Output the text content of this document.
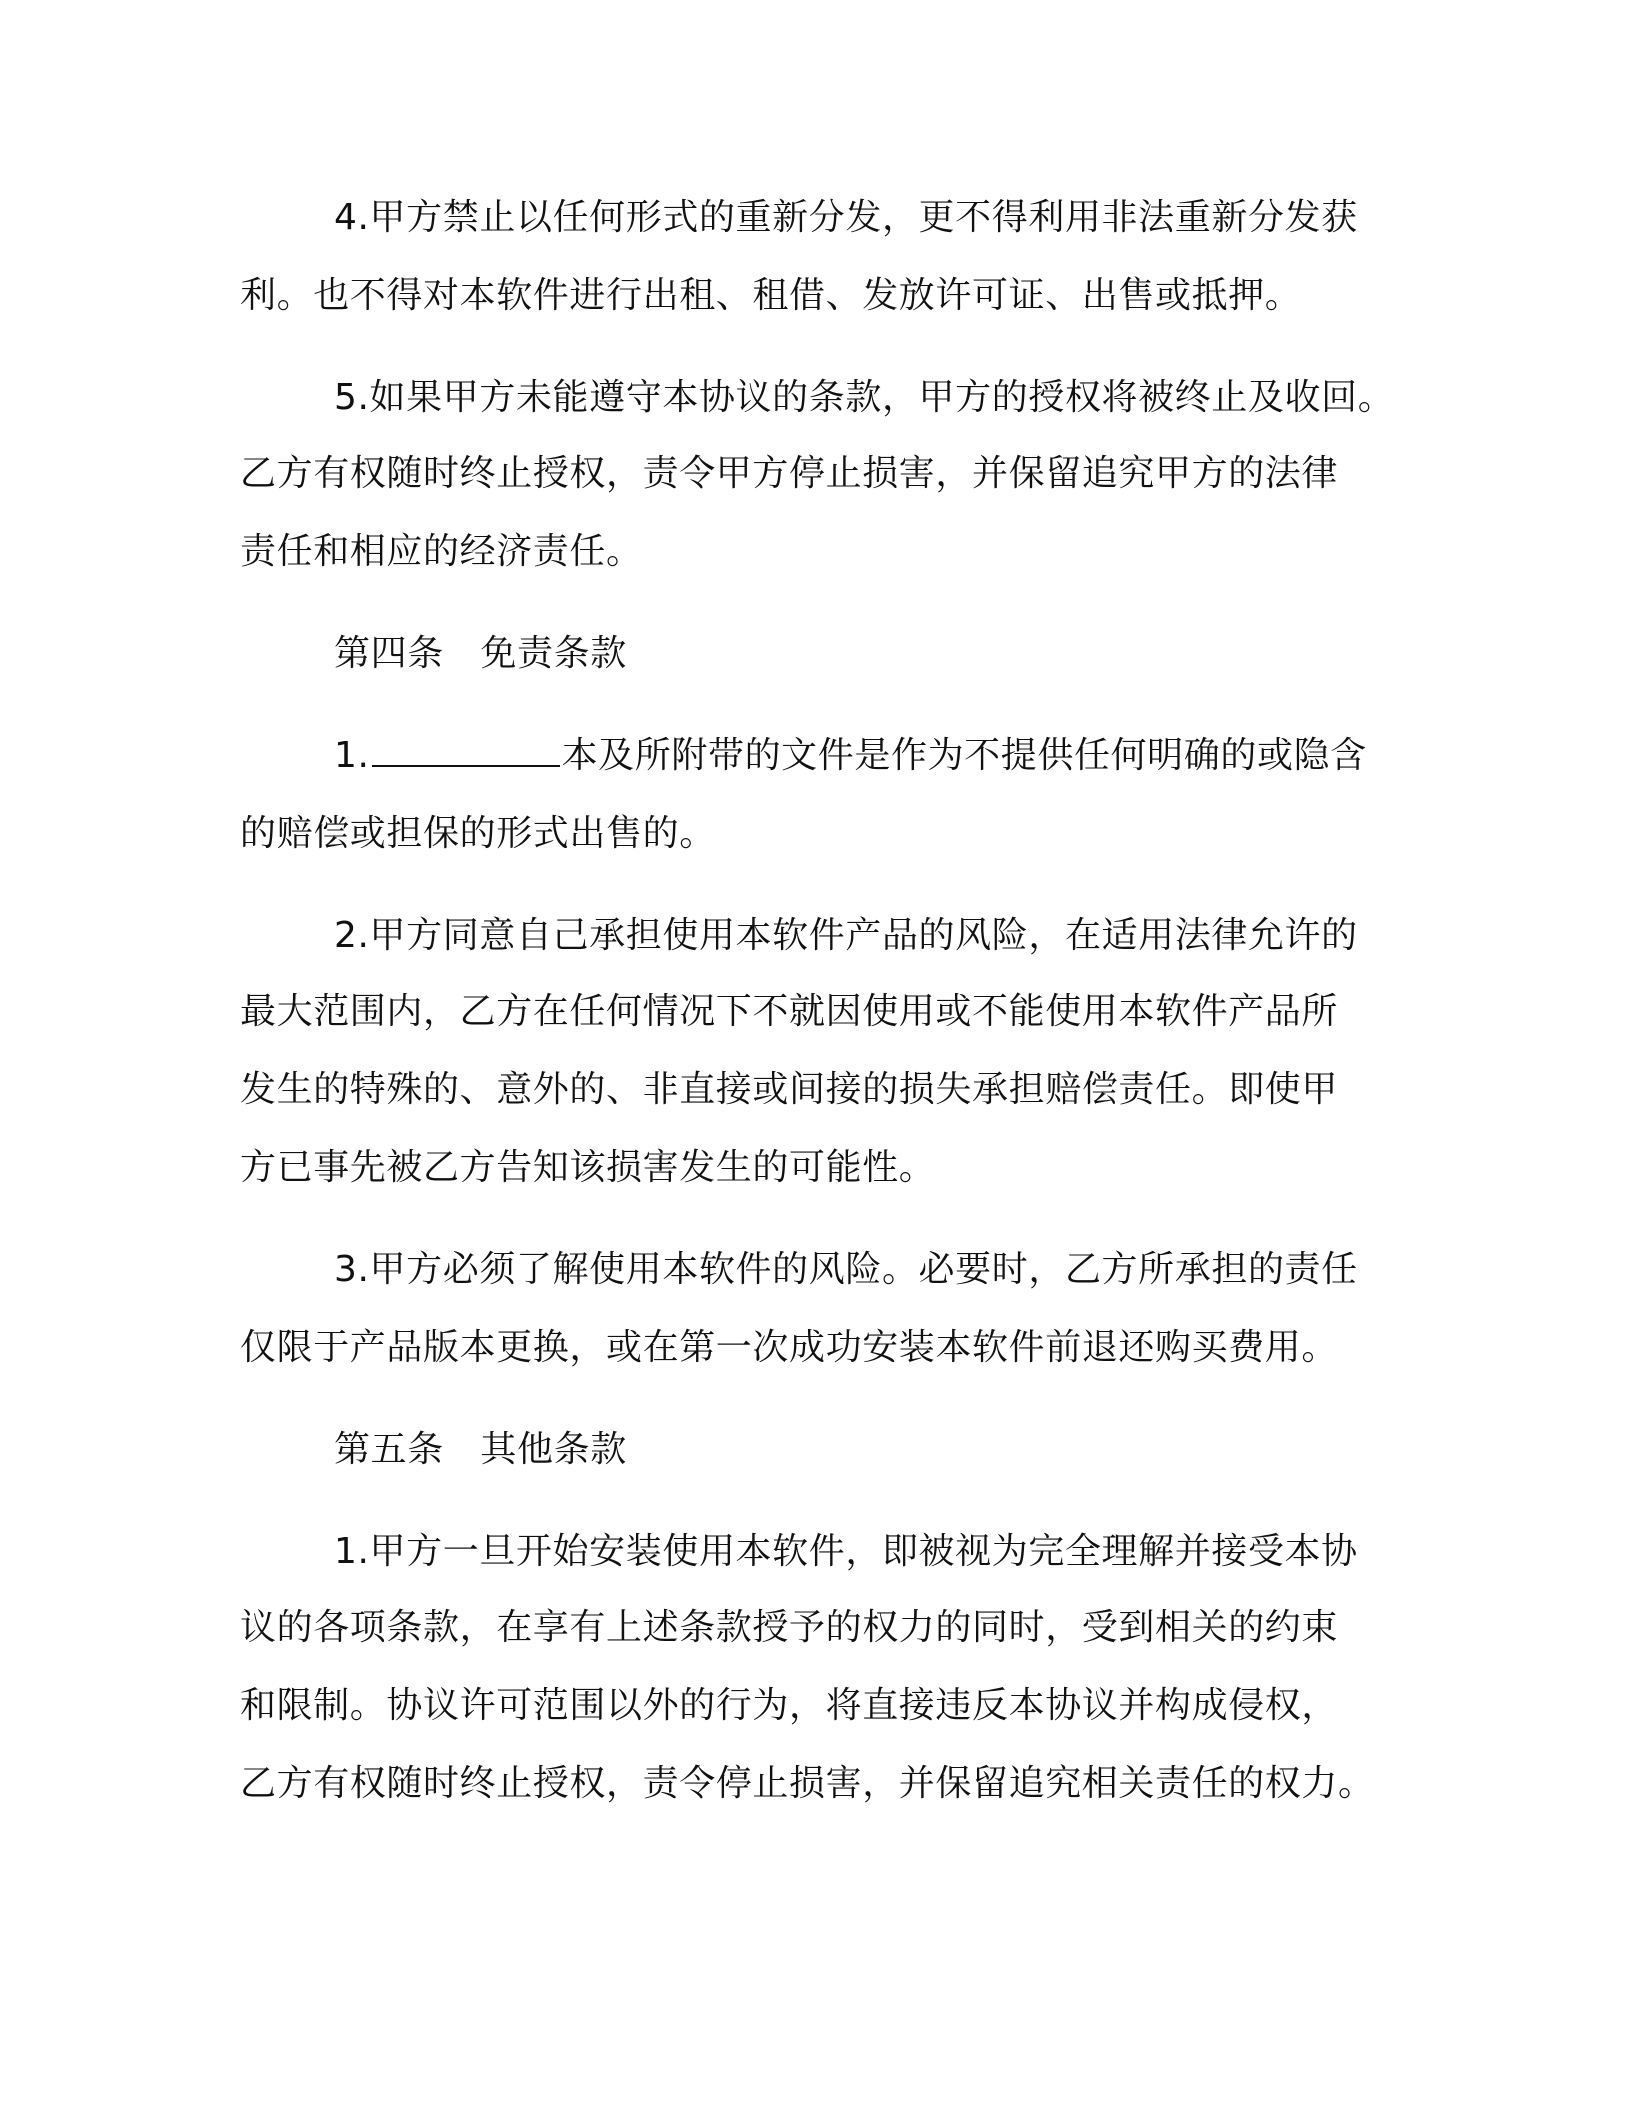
4.甲方禁止以任何形式的重新分发，更不得利用非法重新分发获
利。也不得对本软件进行出租、租借、发放许可证、出售或抵押。
5.如果甲方未能遵守本协议的条款，甲方的授权将被终止及收回。
乙方有权随时终止授权，责令甲方停止损害，并保留追究甲方的法律
责任和相应的经济责任。
第四条　免责条款
1.	本及所附带的文件是作为不提供任何明确的或隐含
的赔偿或担保的形式出售的。
2.甲方同意自己承担使用本软件产品的风险，在适用法律允许的
最大范围内，乙方在任何情况下不就因使用或不能使用本软件产品所
发生的特殊的、意外的、非直接或间接的损失承担赔偿责任。即使甲
方已事先被乙方告知该损害发生的可能性。
3.甲方必须了解使用本软件的风险。必要时，乙方所承担的责任
仅限于产品版本更换，或在第一次成功安装本软件前退还购买费用。
第五条　其他条款
1.甲方一旦开始安装使用本软件，即被视为完全理解并接受本协
议的各项条款，在享有上述条款授予的权力的同时，受到相关的约束
和限制。协议许可范围以外的行为，将直接违反本协议并构成侵权，
乙方有权随时终止授权，责令停止损害，并保留追究相关责任的权力。
